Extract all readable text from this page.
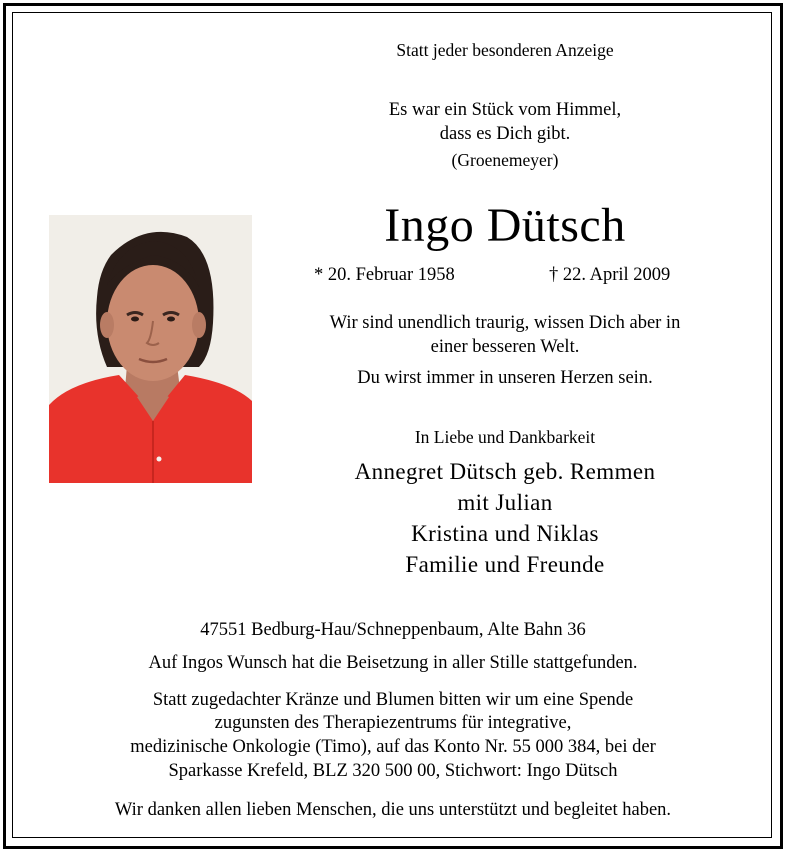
Statt jeder besonderen Anzeige
Es war ein Stück vom Himmel,
dass es Dich gibt.
(Groenemeyer)
Ingo Dütsch
* 20. Februar 1958	† 22. April 2009
Wir sind unendlich traurig, wissen Dich aber in
einer besseren Welt.
Du wirst immer in unseren Herzen sein.
In Liebe und Dankbarkeit
Annegret Dütsch geb. Remmen
mit Julian
Kristina und Niklas
Familie und Freunde
47551 Bedburg-Hau/Schneppenbaum, Alte Bahn 36
Auf Ingos Wunsch hat die Beisetzung in aller Stille stattgefunden.
Statt zugedachter Kränze und Blumen bitten wir um eine Spende
zugunsten des Therapiezentrums für integrative,
medizinische Onkologie (Timo), auf das Konto Nr. 55 000 384, bei der
Sparkasse Krefeld, BLZ 320 500 00, Stichwort: Ingo Dütsch
Wir danken allen lieben Menschen, die uns unterstützt und begleitet haben.
